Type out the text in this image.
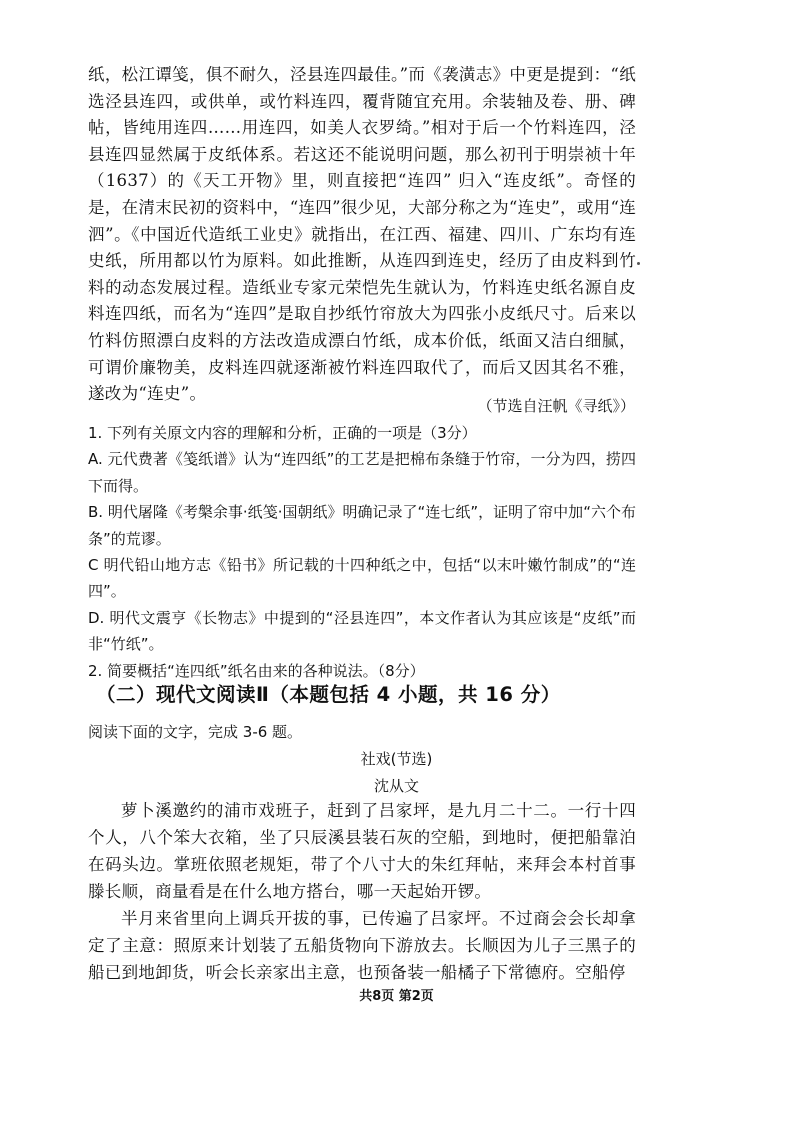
纸，松江谭笺，俱不耐久，泾县连四最佳。”而《袭潢志》中更是提到：“纸选泾县连四，或供单，或竹料连四，覆背随宜充用。余装轴及卷、册、碑帖，皆纯用连四……用连四，如美人衣罗绮。”相对于后一个竹料连四，泾县连四显然属于皮纸体系。若这还不能说明问题，那么初刊于明崇祯十年（1637）的《天工开物》里，则直接把“连四” 归入“连皮纸”。奇怪的是，在清末民初的资料中，“连四”很少见，大部分称之为“连史”，或用“连泗”。《中国近代造纸工业史》就指出，在江西、福建、四川、广东均有连史纸，所用都以竹为原料。如此推断，从连四到连史，经历了由皮料到竹料的动态发展过程。造纸业专家元荣恺先生就认为，竹料连史纸名源自皮料连四纸，而名为“连四”是取自抄纸竹帘放大为四张小皮纸尺寸。后来以竹料仿照漂白皮料的方法改造成漂白竹纸，成本价低，纸面又洁白细腻，可谓价廉物美，皮料连四就逐渐被竹料连四取代了，而后又因其名不雅，遂改为“连史”。

（节选自汪帆《寻纸》）

1. 下列有关原文内容的理解和分析，正确的一项是（3分）

A. 元代费著《笺纸谱》认为“连四纸”的工艺是把棉布条缝于竹帘，一分为四，捞四下而得。

B. 明代屠隆《考槃余事·纸笺·国朝纸》明确记录了“连七纸”，证明了帘中加“六个布条”的荒谬。

C 明代铅山地方志《铅书》所记载的十四种纸之中，包括“以末叶嫩竹制成”的“连四”。

D. 明代文震亨《长物志》中提到的“泾县连四”，本文作者认为其应该是“皮纸”而非“竹纸”。

2. 简要概括“连四纸”纸名由来的各种说法。（8分）

（二）现代文阅读Ⅱ（本题包括 4 小题，共 16 分）
阅读下面的文字，完成 3-6 题。
社戏(节选)
沈从文

萝卜溪邀约的浦市戏班子，赶到了吕家坪，是九月二十二。一行十四个人，八个笨大衣箱，坐了只辰溪县装石灰的空船，到地时，便把船靠泊在码头边。掌班依照老规矩，带了个八寸大的朱红拜帖，来拜会本村首事滕长顺，商量看是在什么地方搭台，哪一天起始开锣。

半月来省里向上调兵开拔的事，已传遍了吕家坪。不过商会会长却拿定了主意：照原来计划装了五船货物向下游放去。长顺因为儿子三黑子的船已到地卸货，听会长亲家出主意，也预备装一船橘子下常德府。空船停

共8页 第2页
